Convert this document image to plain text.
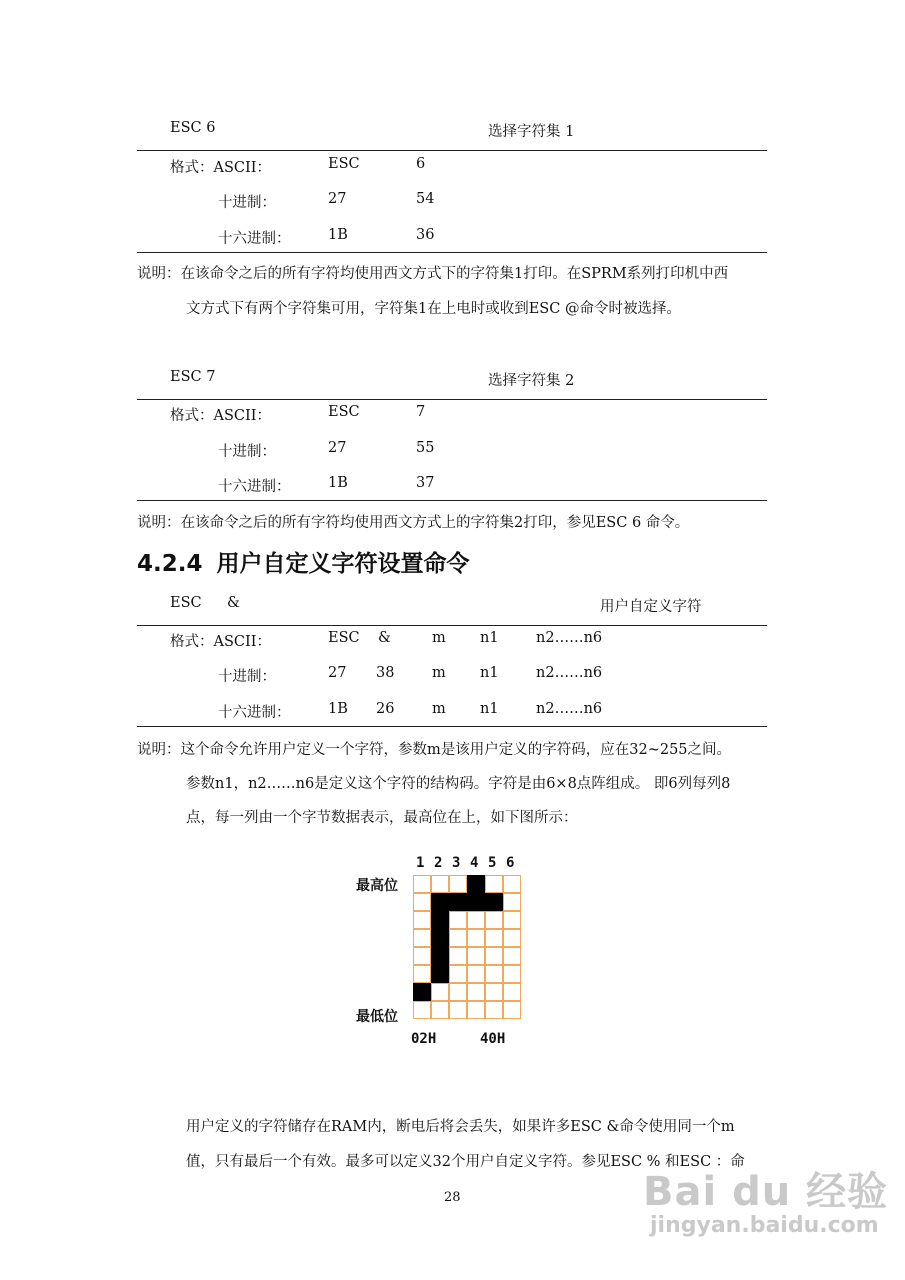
ESC 6	选择字符集 1
格式：ASCII：	ESC	6
十进制：	27	54
十六进制：	1B	36
说明：在该命令之后的所有字符均使用西文方式下的字符集1打印。在SPRM系列打印机中西
文方式下有两个字符集可用，字符集1在上电时或收到ESC @命令时被选择。
ESC 7	选择字符集 2
格式：ASCII：	ESC	7
十进制：	27	55
十六进制：	1B	37
说明：在该命令之后的所有字符均使用西文方式上的字符集2打印，参见ESC 6 命令。
4.2.4 用户自定义字符设置命令
ESC &	用户自定义字符
格式：ASCII：	ESC &	m n1	n2……n6
十进制：	27 38	m n1	n2……n6
十六进制：	1B 26	m n1	n2……n6
说明：这个命令允许用户定义一个字符，参数m是该用户定义的字符码，应在32~255之间。
参数n1，n2……n6是定义这个字符的结构码。字符是由6×8点阵组成。 即6列每列8
点，每一列由一个字节数据表示，最高位在上，如下图所示：
1 2 3 4 5 6
最高位
最低位
02H	40H
用户定义的字符储存在RAM内，断电后将会丢失，如果许多ESC &命令使用同一个m
值，只有最后一个有效。最多可以定义32个用户自定义字符。参见ESC % 和ESC ：命
28	Bai du 经验
jingyan.baidu.com
